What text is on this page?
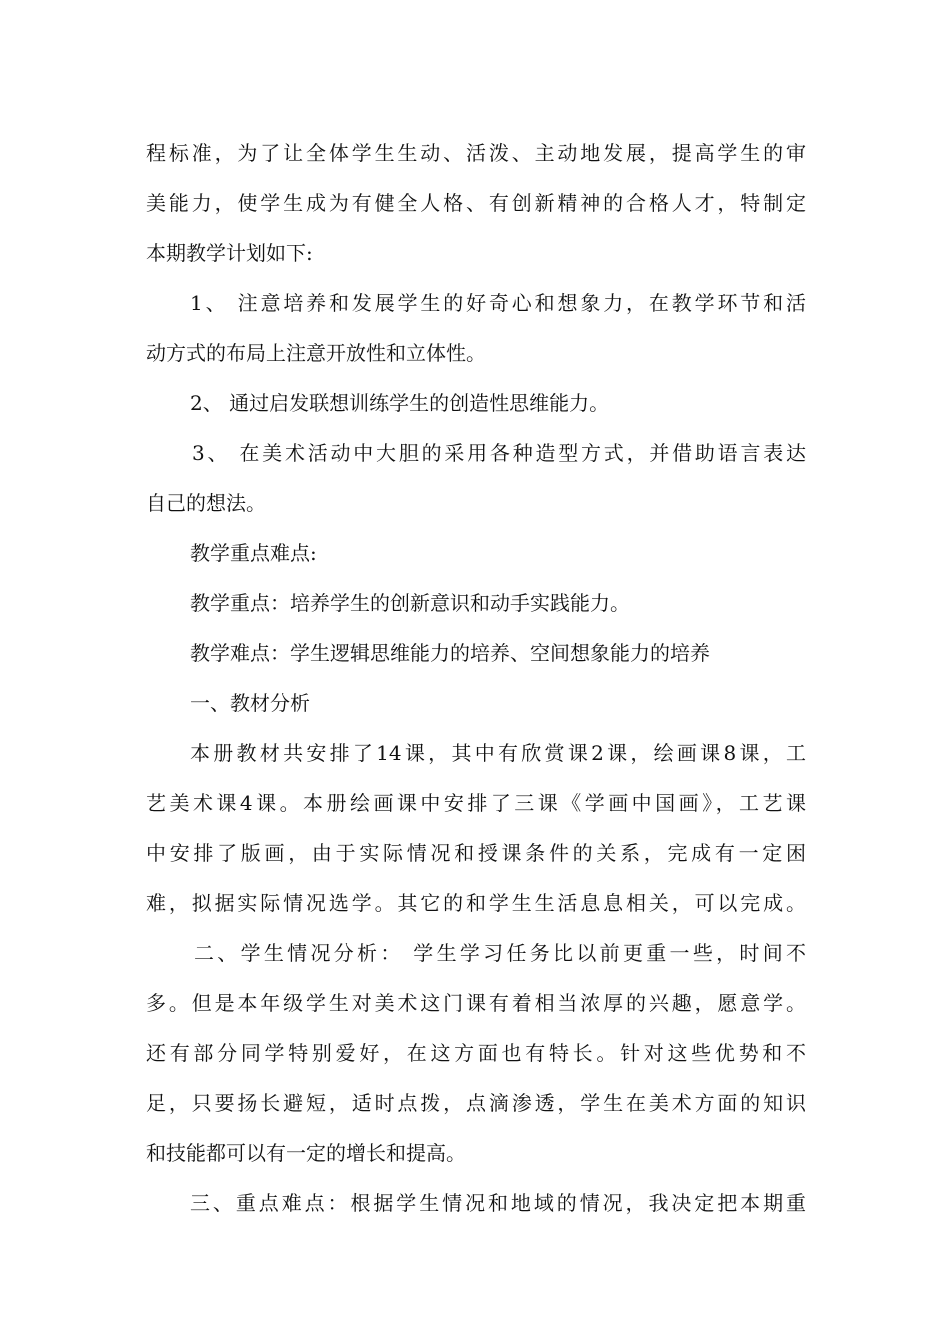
程标准，为了让全体学生生动、活泼、主动地发展，提高学生的审
美能力，使学生成为有健全人格、有创新精神的合格人才，特制定
本期教学计划如下:
1、 注意培养和发展学生的好奇心和想象力，在教学环节和活
动方式的布局上注意开放性和立体性。
2、 通过启发联想训练学生的创造性思维能力。
3、 在美术活动中大胆的采用各种造型方式，并借助语言表达
自己的想法。
教学重点难点:
教学重点：培养学生的创新意识和动手实践能力。
教学难点：学生逻辑思维能力的培养、空间想象能力的培养
一、教材分析
本册教材共安排了14课，其中有欣赏课2课，绘画课8课，工
艺美术课4课。本册绘画课中安排了三课《学画中国画》，工艺课
中安排了版画，由于实际情况和授课条件的关系，完成有一定困
难，拟据实际情况选学。其它的和学生生活息息相关，可以完成。
二、学生情况分析： 学生学习任务比以前更重一些，时间不
多。但是本年级学生对美术这门课有着相当浓厚的兴趣，愿意学。
还有部分同学特别爱好，在这方面也有特长。针对这些优势和不
足，只要扬长避短，适时点拨，点滴渗透，学生在美术方面的知识
和技能都可以有一定的增长和提高。
三、重点难点：根据学生情况和地域的情况，我决定把本期重
